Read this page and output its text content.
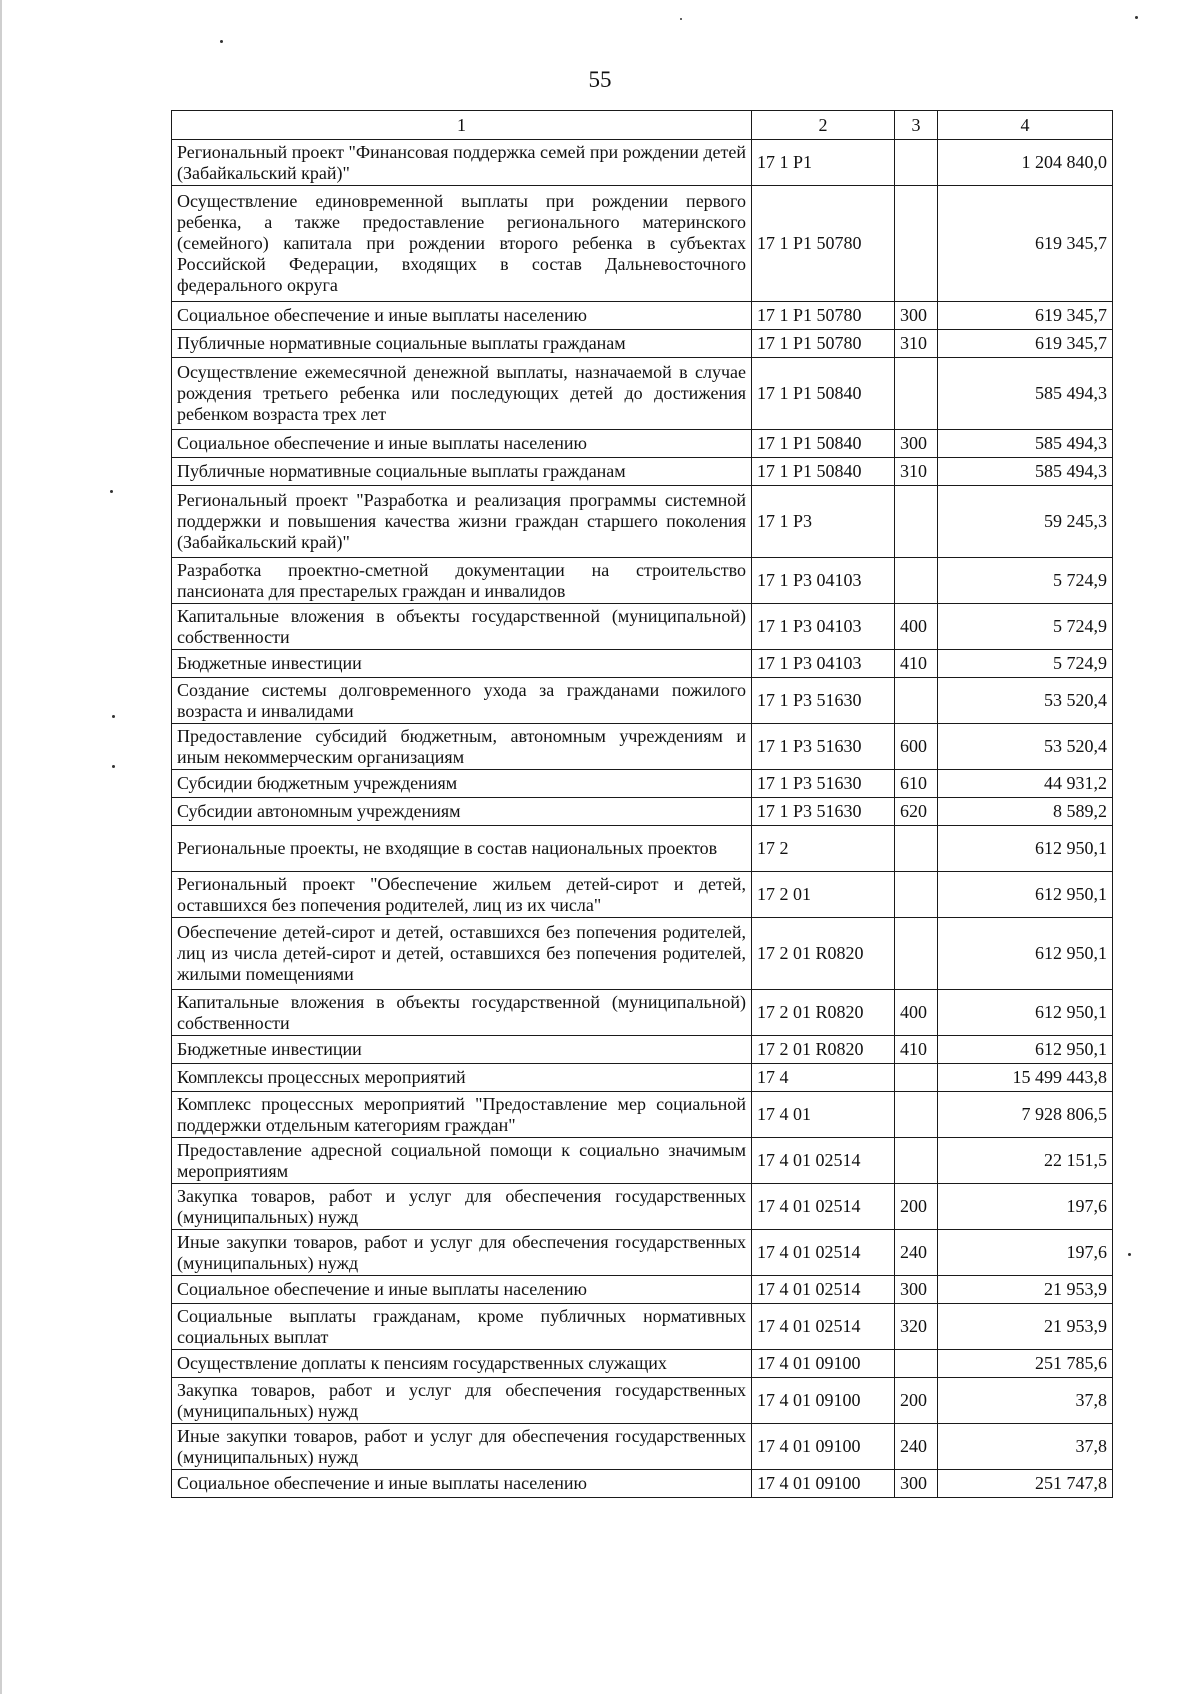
55
1	2	3	4
Региональный проект "Финансовая поддержка семей при рождении детей (Забайкальский край)"	17 1 P1		1 204 840,0
Осуществление единовременной выплаты при рождении первого ребенка, а также предоставление регионального материнского (семейного) капитала при рождении второго ребенка в субъектах Российской Федерации, входящих в состав Дальневосточного федерального округа	17 1 P1 50780		619 345,7
Социальное обеспечение и иные выплаты населению	17 1 P1 50780	300	619 345,7
Публичные нормативные социальные выплаты гражданам	17 1 P1 50780	310	619 345,7
Осуществление ежемесячной денежной выплаты, назначаемой в случае рождения третьего ребенка или последующих детей до достижения ребенком возраста трех лет	17 1 P1 50840		585 494,3
Социальное обеспечение и иные выплаты населению	17 1 P1 50840	300	585 494,3
Публичные нормативные социальные выплаты гражданам	17 1 P1 50840	310	585 494,3
Региональный проект "Разработка и реализация программы системной поддержки и повышения качества жизни граждан старшего поколения (Забайкальский край)"	17 1 P3		59 245,3
Разработка проектно-сметной документации на строительство пансионата для престарелых граждан и инвалидов	17 1 P3 04103		5 724,9
Капитальные вложения в объекты государственной (муниципальной) собственности	17 1 P3 04103	400	5 724,9
Бюджетные инвестиции	17 1 P3 04103	410	5 724,9
Создание системы долговременного ухода за гражданами пожилого возраста и инвалидами	17 1 P3 51630		53 520,4
Предоставление субсидий бюджетным, автономным учреждениям и иным некоммерческим организациям	17 1 P3 51630	600	53 520,4
Субсидии бюджетным учреждениям	17 1 P3 51630	610	44 931,2
Субсидии автономным учреждениям	17 1 P3 51630	620	8 589,2
Региональные проекты, не входящие в состав национальных проектов	17 2		612 950,1
Региональный проект "Обеспечение жильем детей-сирот и детей, оставшихся без попечения родителей, лиц из их числа"	17 2 01		612 950,1
Обеспечение детей-сирот и детей, оставшихся без попечения родителей, лиц из числа детей-сирот и детей, оставшихся без попечения родителей, жилыми помещениями	17 2 01 R0820		612 950,1
Капитальные вложения в объекты государственной (муниципальной) собственности	17 2 01 R0820	400	612 950,1
Бюджетные инвестиции	17 2 01 R0820	410	612 950,1
Комплексы процессных мероприятий	17 4		15 499 443,8
Комплекс процессных мероприятий "Предоставление мер социальной поддержки отдельным категориям граждан"	17 4 01		7 928 806,5
Предоставление адресной социальной помощи к социально значимым мероприятиям	17 4 01 02514		22 151,5
Закупка товаров, работ и услуг для обеспечения государственных (муниципальных) нужд	17 4 01 02514	200	197,6
Иные закупки товаров, работ и услуг для обеспечения государственных (муниципальных) нужд	17 4 01 02514	240	197,6
Социальное обеспечение и иные выплаты населению	17 4 01 02514	300	21 953,9
Социальные выплаты гражданам, кроме публичных нормативных социальных выплат	17 4 01 02514	320	21 953,9
Осуществление доплаты к пенсиям государственных служащих	17 4 01 09100		251 785,6
Закупка товаров, работ и услуг для обеспечения государственных (муниципальных) нужд	17 4 01 09100	200	37,8
Иные закупки товаров, работ и услуг для обеспечения государственных (муниципальных) нужд	17 4 01 09100	240	37,8
Социальное обеспечение и иные выплаты населению	17 4 01 09100	300	251 747,8
